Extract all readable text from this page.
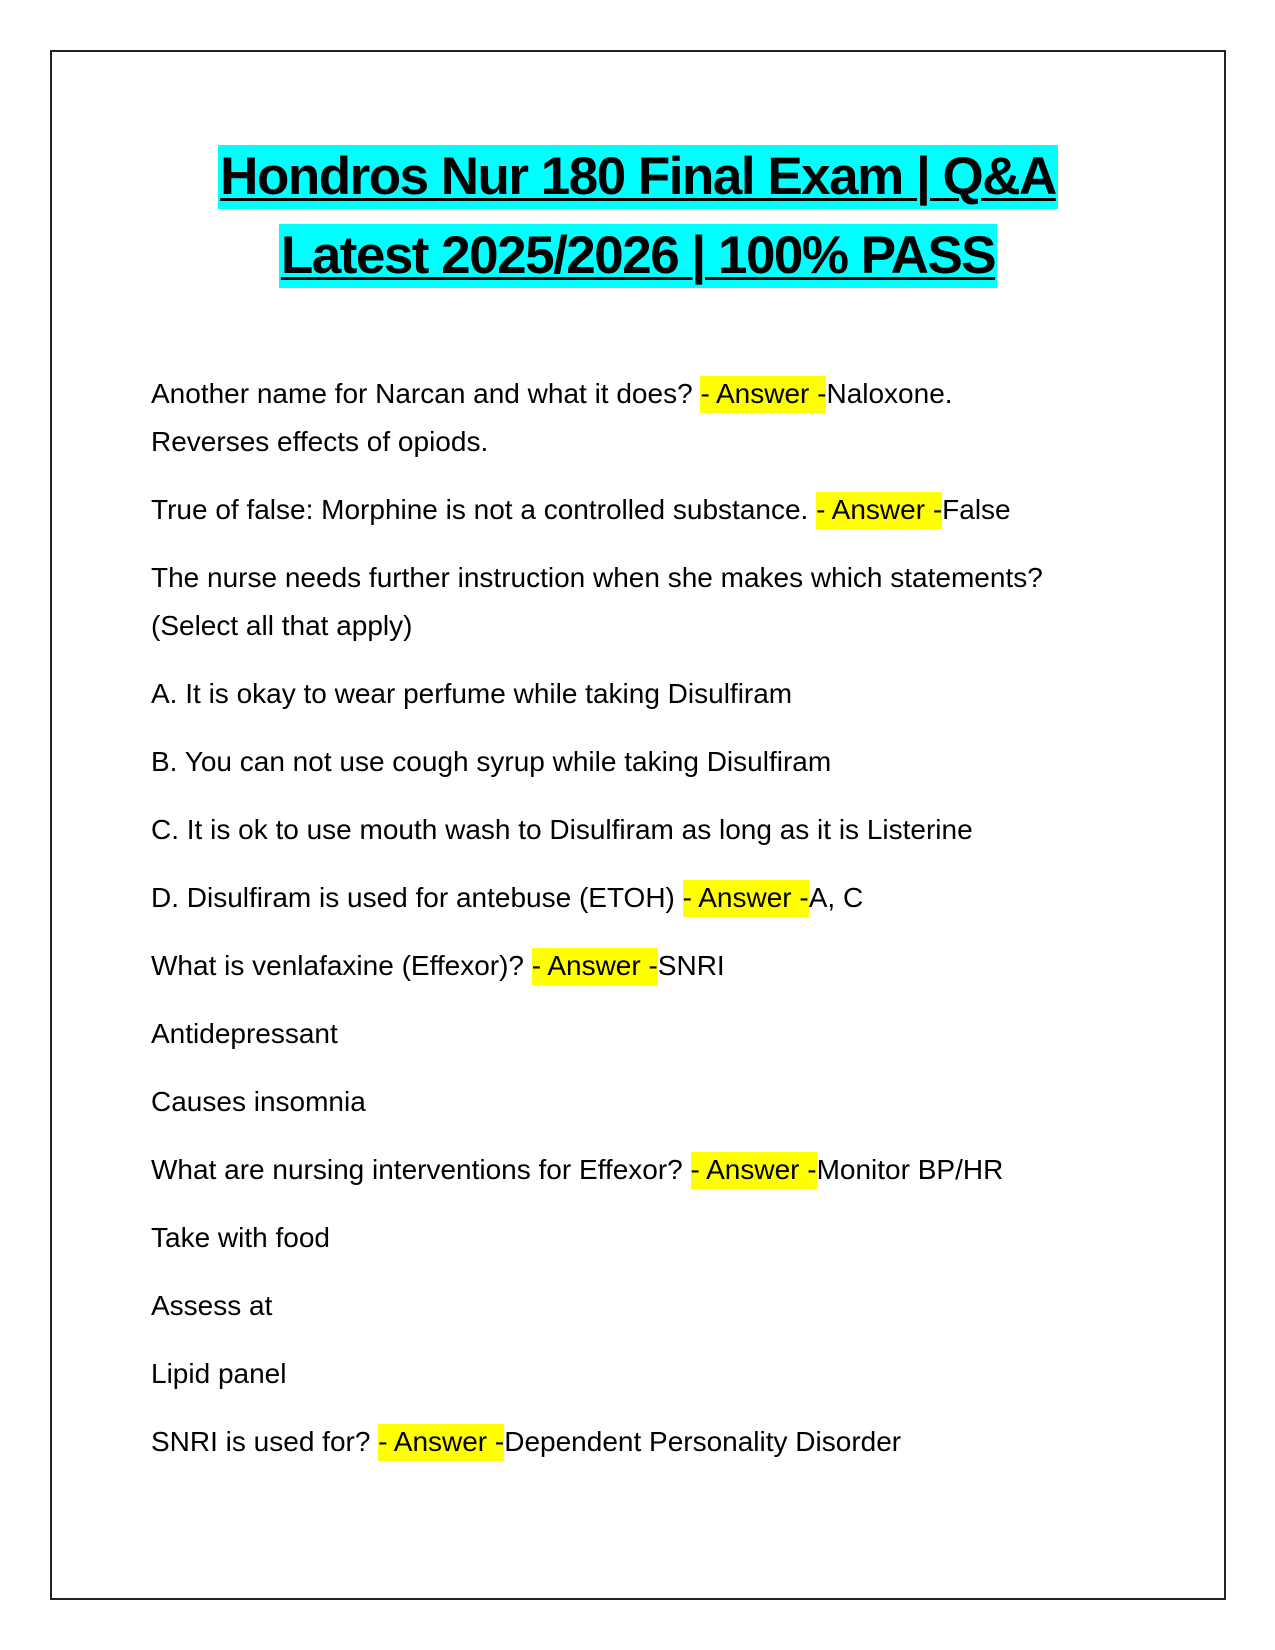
Hondros Nur 180 Final Exam | Q&A
Latest 2025/2026 | 100% PASS
Another name for Narcan and what it does? - Answer -Naloxone.
Reverses effects of opiods.
True of false: Morphine is not a controlled substance. - Answer -False
The nurse needs further instruction when she makes which statements?
(Select all that apply)
A. It is okay to wear perfume while taking Disulfiram
B. You can not use cough syrup while taking Disulfiram
C. It is ok to use mouth wash to Disulfiram as long as it is Listerine
D. Disulfiram is used for antebuse (ETOH) - Answer -A, C
What is venlafaxine (Effexor)? - Answer -SNRI
Antidepressant
Causes insomnia
What are nursing interventions for Effexor? - Answer -Monitor BP/HR
Take with food
Assess at
Lipid panel
SNRI is used for? - Answer -Dependent Personality Disorder
